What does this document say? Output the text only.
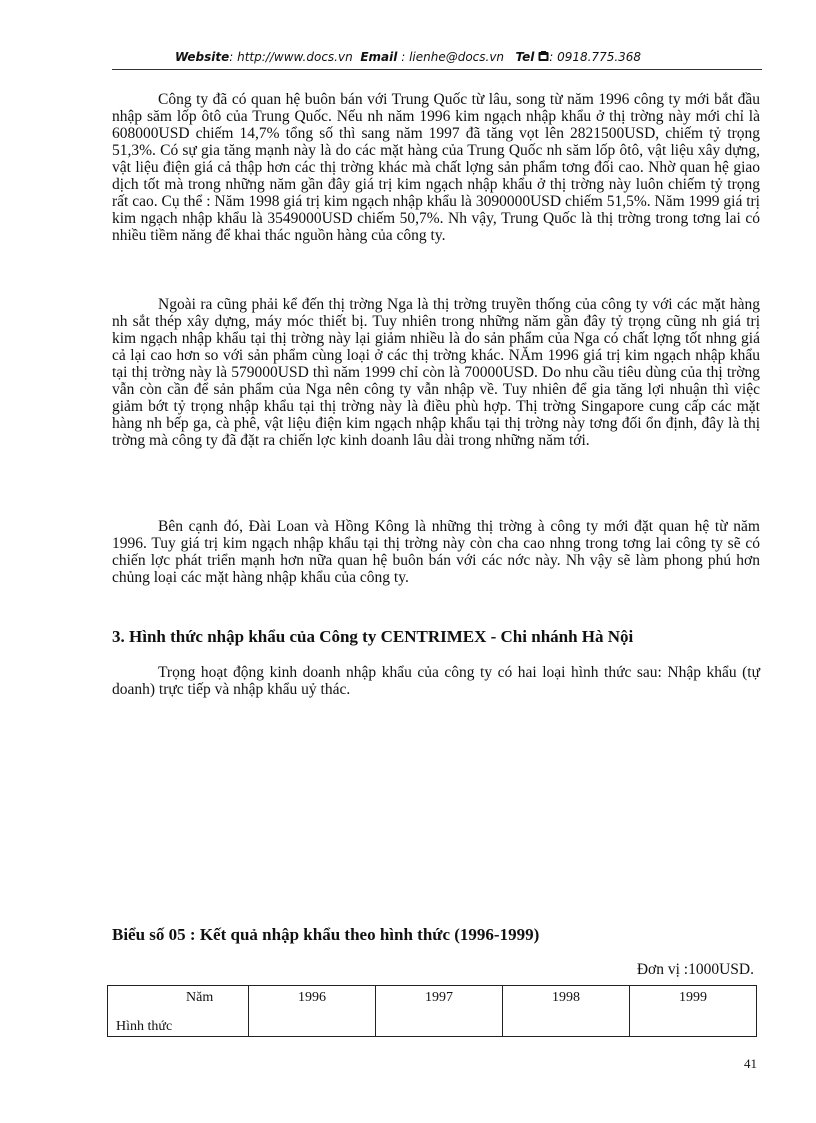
Website: http://www.docs.vn Email : lienhe@docs.vn Tel : 0918.775.368

Công ty đã có quan hệ buôn bán với Trung Quốc từ lâu, song từ năm 1996 công ty mới bắt đầu nhập săm lốp ôtô của Trung Quốc. Nếu nh năm 1996 kim ngạch nhập khẩu ở thị trờng này mới chỉ là 608000USD chiếm 14,7% tổng số thì sang năm 1997 đã tăng vọt lên 2821500USD, chiếm tỷ trọng 51,3%. Có sự gia tăng mạnh này là do các mặt hàng của Trung Quốc nh săm lốp ôtô, vật liệu xây dựng, vật liệu điện giá cả thập hơn các thị trờng khác mà chất lợng sản phẩm tơng đối cao. Nhờ quan hệ giao dịch tốt mà trong những năm gần đây giá trị kim ngạch nhập khẩu ở thị trờng này luôn chiếm tỷ trọng rất cao. Cụ thể : Năm 1998 giá trị kim ngạch nhập khẩu là 3090000USD chiếm 51,5%. Năm 1999 giá trị kim ngạch nhập khẩu là 3549000USD chiếm 50,7%. Nh vậy, Trung Quốc là thị trờng trong tơng lai có nhiều tiềm năng để khai thác nguồn hàng của công ty.

Ngoài ra cũng phải kể đến thị trờng Nga là thị trờng truyền thống của công ty với các mặt hàng nh sắt thép xây dựng, máy móc thiết bị. Tuy nhiên trong những năm gần đây tỷ trọng cũng nh giá trị kim ngạch nhập khẩu tại thị trờng này lại giảm nhiều là do sản phẩm của Nga có chất lợng tốt nhng giá cả lại cao hơn so với sản phẩm cùng loại ở các thị trờng khác. NĂm 1996 giá trị kim ngạch nhập khẩu tại thị trờng này là 579000USD thì năm 1999 chỉ còn là 70000USD. Do nhu cầu tiêu dùng của thị trờng vẫn còn cần để sản phẩm của Nga nên công ty vẫn nhập về. Tuy nhiên để gia tăng lợi nhuận thì việc giảm bớt tỷ trọng nhập khẩu tại thị trờng này là điều phù hợp. Thị trờng Singapore cung cấp các mặt hàng nh bếp ga, cà phê, vật liệu điện kim ngạch nhập khẩu tại thị trờng này tơng đối ổn định, đây là thị trờng mà công ty đã đặt ra chiến lợc kinh doanh lâu dài trong những năm tới.

Bên cạnh đó, Đài Loan và Hồng Kông là những thị trờng à công ty mới đặt quan hệ từ năm 1996. Tuy giá trị kim ngạch nhập khẩu tại thị trờng này còn cha cao nhng trong tơng lai công ty sẽ có chiến lợc phát triển mạnh hơn nữa quan hệ buôn bán với các nớc này. Nh vậy sẽ làm phong phú hơn chủng loại các mặt hàng nhập khẩu của công ty.

3. Hình thức nhập khẩu của Công ty CENTRIMEX - Chi nhánh Hà Nội

Trọng hoạt động kinh doanh nhập khẩu của công ty có hai loại hình thức sau: Nhập khẩu (tự doanh) trực tiếp và nhập khẩu uỷ thác.

Biểu số 05 : Kết quả nhập khẩu theo hình thức (1996-1999)
Đơn vị :1000USD.
Năm
Hình thức
	1996	1997	1998	1999
41
